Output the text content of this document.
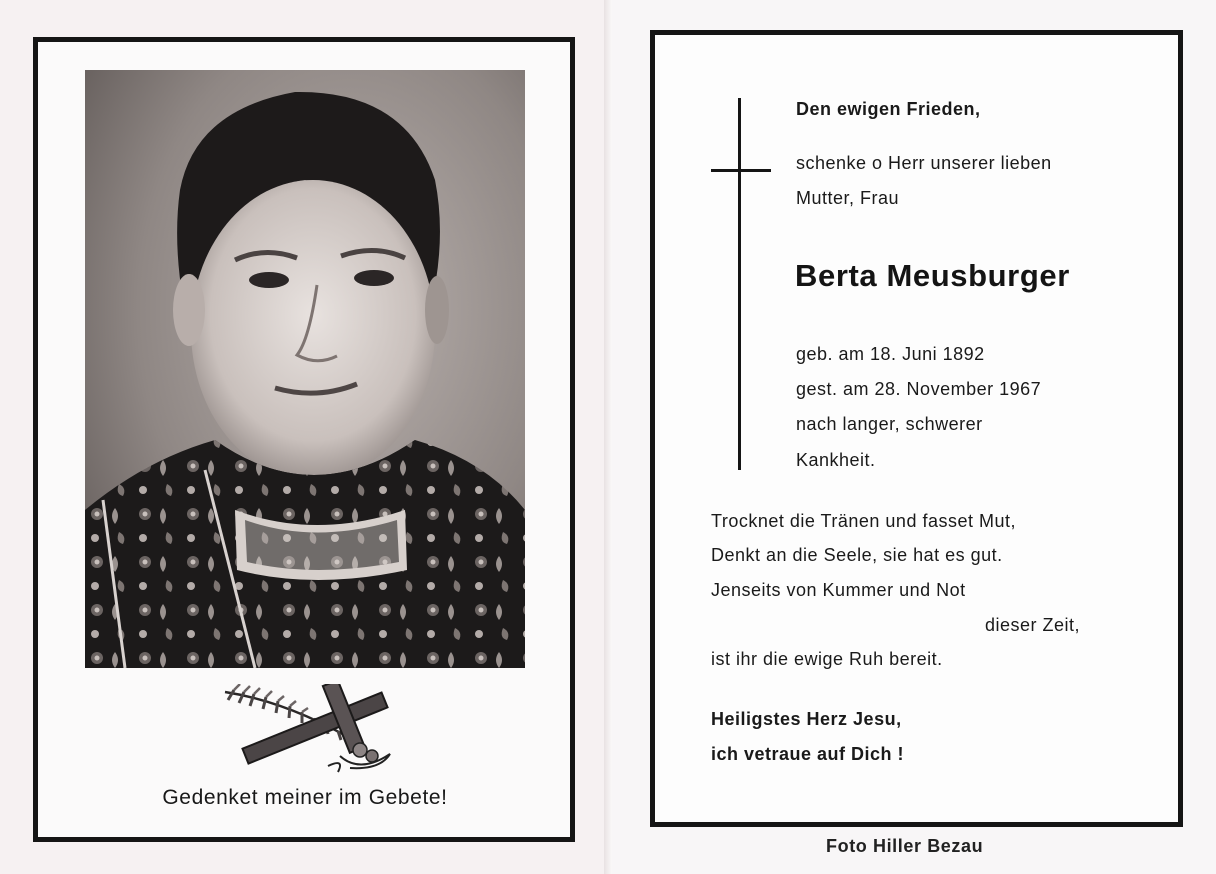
Gedenket meiner im Gebete!
Den ewigen Frieden,
schenke o Herr unserer lieben
Mutter, Frau
Berta Meusburger
geb. am 18. Juni 1892
gest. am 28. November 1967
nach langer, schwerer
Kankheit.
Trocknet die Tränen und fasset Mut,
Denkt an die Seele, sie hat es gut.
Jenseits von Kummer und Not
dieser Zeit,
ist ihr die ewige Ruh bereit.
Heiligstes Herz Jesu,
ich vetraue auf Dich !
Foto Hiller Bezau
